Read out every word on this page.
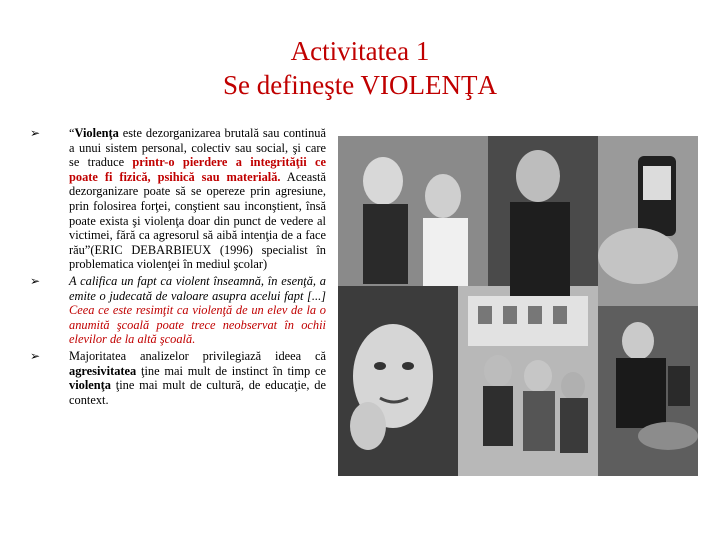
Activitatea 1
Se defineşte VIOLENŢA
➢ “Violenţa este dezorganizarea brutală sau continuă a unui sistem personal, colectiv sau social, şi care se traduce printr-o pierdere a integrităţii ce poate fi fizică, psihică sau materială. Această dezorganizare poate să se opereze prin agresiune, prin folosirea forţei, conştient sau inconştient, însă poate exista şi violenţa doar din punct de vedere al victimei, fără ca agresorul să aibă intenţia de a face rău”(ERIC DEBARBIEUX (1996) specialist în problematica violenţei în mediul şcolar)
➢ A califica un fapt ca violent înseamnă, în esenţă, a emite o judecată de valoare asupra acelui fapt [...] Ceea ce este resimţit ca violenţă de un elev de la o anumită şcoală poate trece neobservat în ochii elevilor de la altă şcoală.
➢ Majoritatea analizelor privilegiază ideea că agresivitatea ţine mai mult de instinct în timp ce violenţa ţine mai mult de cultură, de educaţie, de context.
